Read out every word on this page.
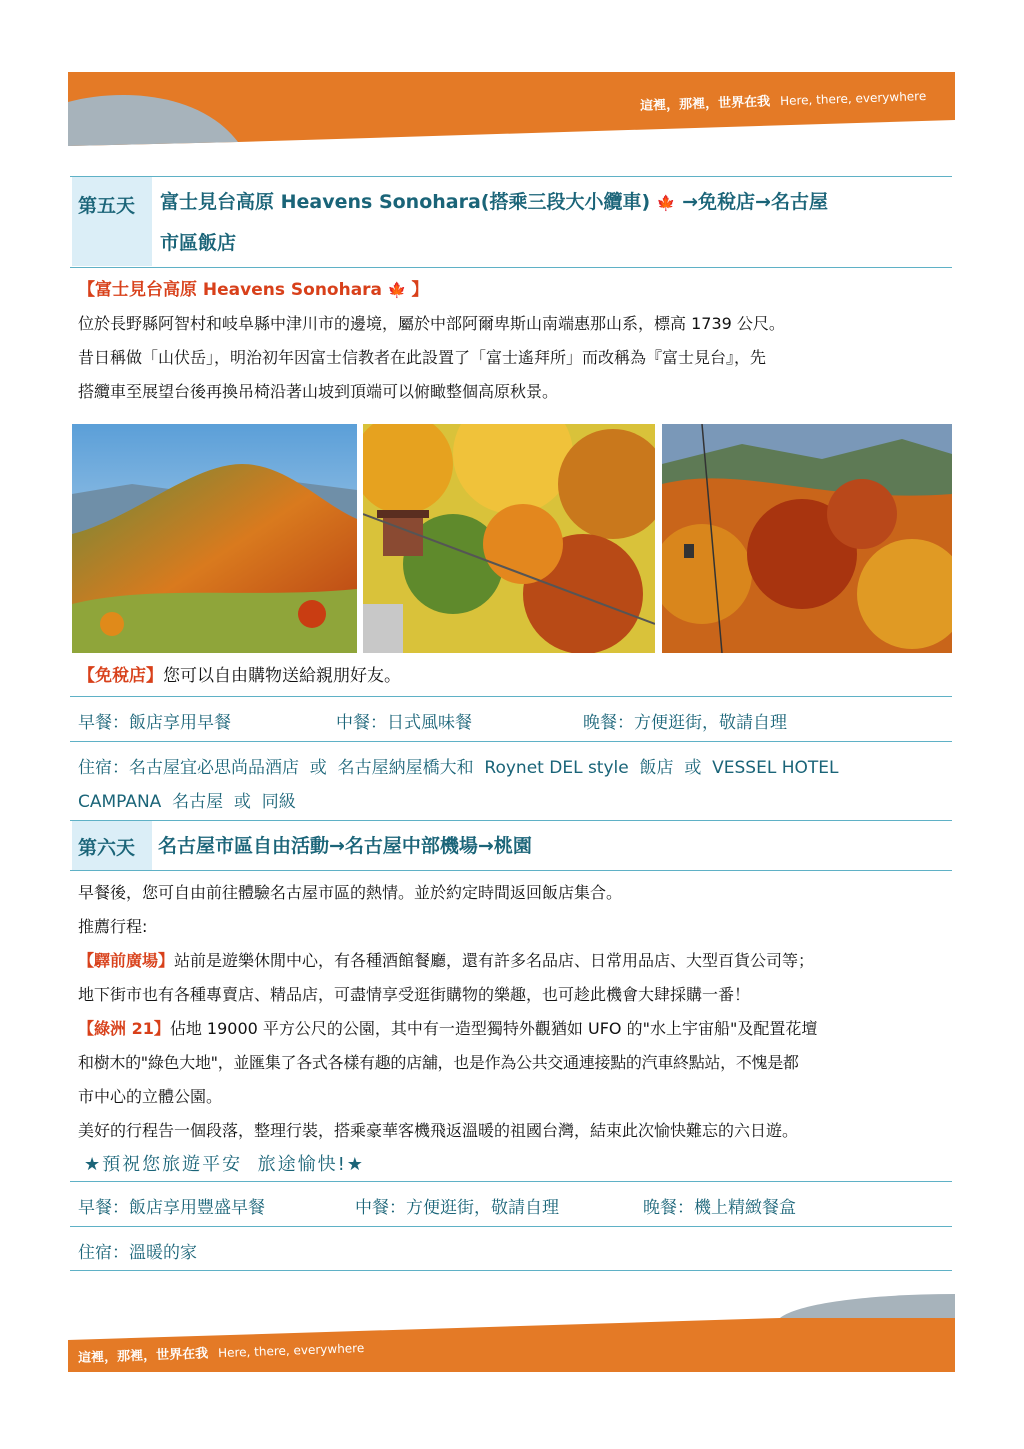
這裡，那裡，世界在我 Here, there, everywhere
第五天	富士見台高原 Heavens Sonohara(搭乘三段大小纜車) 🍁 →免稅店→名古屋
市區飯店
【富士見台高原 Heavens Sonohara 🍁 】
位於長野縣阿智村和岐阜縣中津川市的邊境，屬於中部阿爾卑斯山南端惠那山系，標高 1739 公尺。
昔日稱做「山伏岳」，明治初年因富士信教者在此設置了「富士遙拜所」而改稱為『富士見台』，先
搭纜車至展望台後再換吊椅沿著山坡到頂端可以俯瞰整個高原秋景。
【免稅店】您可以自由購物送給親朋好友。
早餐：飯店享用早餐	中餐：日式風味餐	晚餐：方便逛街，敬請自理
住宿：名古屋宜必思尚品酒店  或  名古屋納屋橋大和  Roynet DEL style  飯店  或  VESSEL HOTEL
CAMPANA  名古屋  或  同級
第六天	名古屋市區自由活動→名古屋中部機場→桃園
早餐後，您可自由前往體驗名古屋市區的熱情。並於約定時間返回飯店集合。
推薦行程:
【驛前廣場】站前是遊樂休閒中心，有各種酒館餐廳，還有許多名品店、日常用品店、大型百貨公司等；
地下街市也有各種專賣店、精品店，可盡情享受逛街購物的樂趣，也可趁此機會大肆採購一番！
【綠洲 21】佔地 19000 平方公尺的公園，其中有一造型獨特外觀猶如 UFO 的"水上宇宙船"及配置花壇
和樹木的"綠色大地"，並匯集了各式各樣有趣的店舖，也是作為公共交通連接點的汽車終點站，不愧是都
市中心的立體公園。
美好的行程告一個段落，整理行裝，搭乘豪華客機飛返溫暖的祖國台灣，結束此次愉快難忘的六日遊。
★預祝您旅遊平安  旅途愉快!★
早餐：飯店享用豐盛早餐	中餐：方便逛街，敬請自理	晚餐：機上精緻餐盒
住宿：溫暖的家
這裡，那裡，世界在我 Here, there, everywhere
